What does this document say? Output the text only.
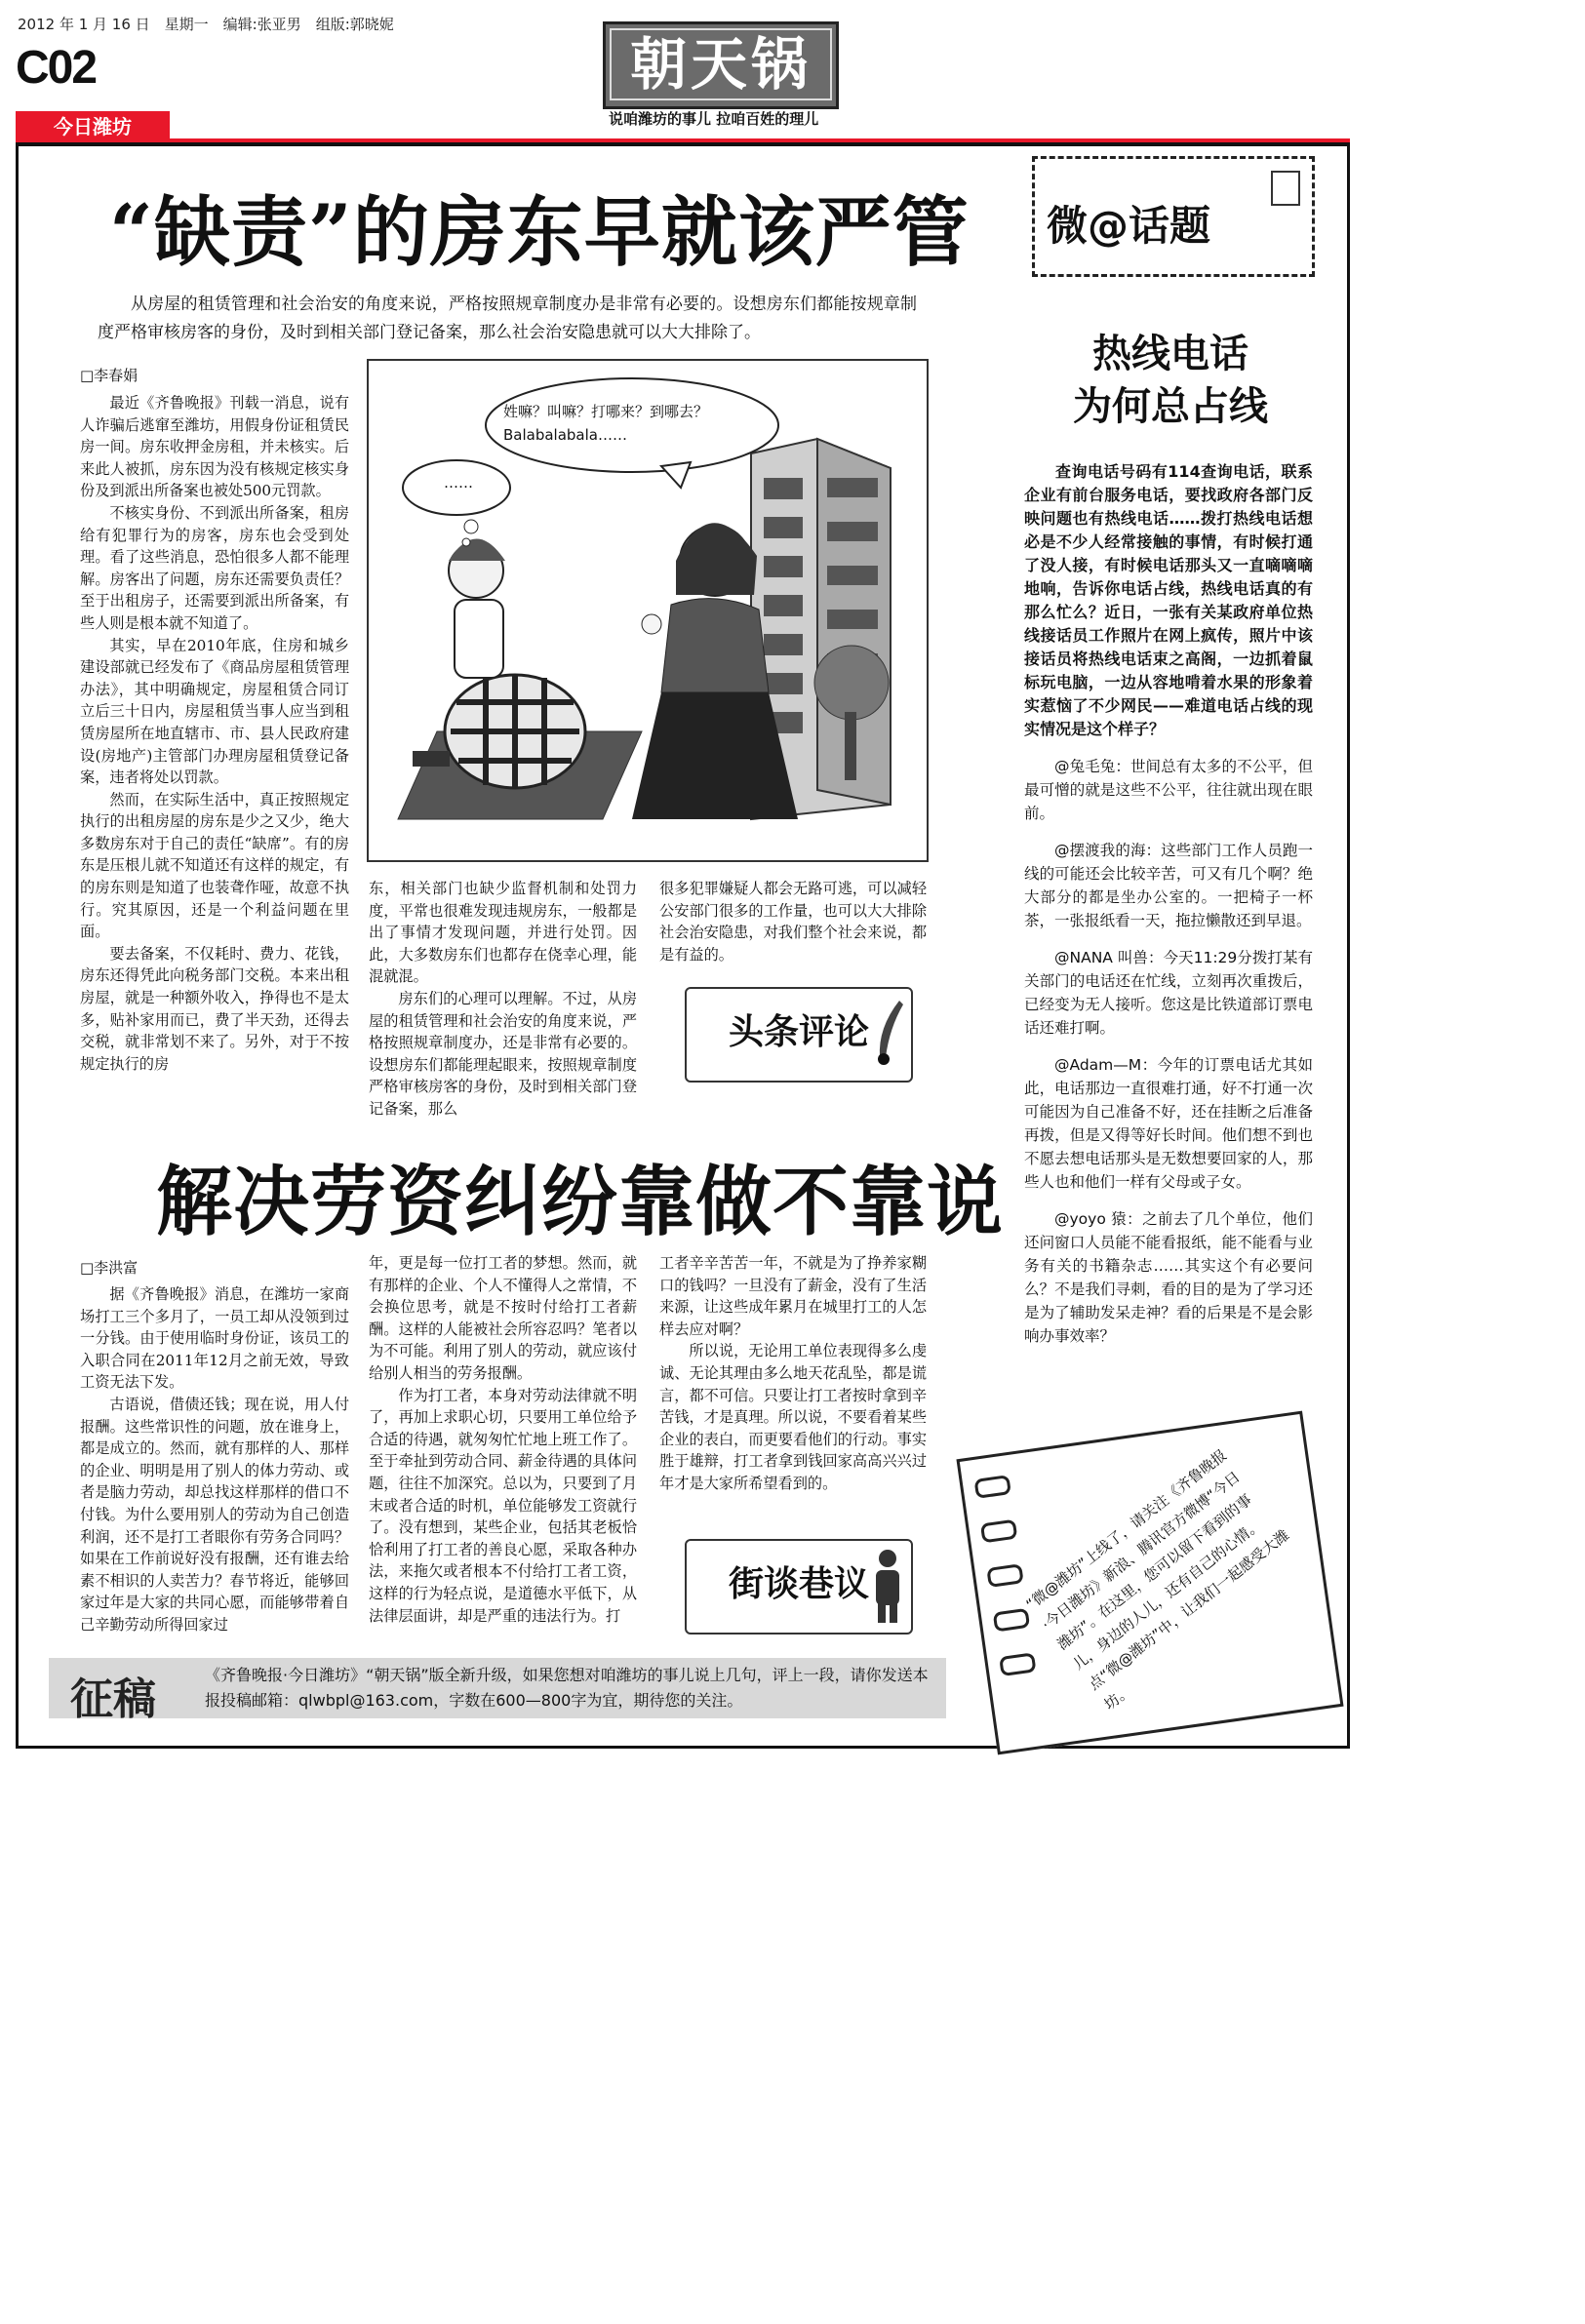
2012 年 1 月 16 日　星期一　编辑:张亚男　组版:郭晓妮
C02
今日潍坊
朝天锅
说咱潍坊的事儿 拉咱百姓的理儿
“缺责”的房东早就该严管
从房屋的租赁管理和社会治安的角度来说，严格按照规章制度办是非常有必要的。设想房东们都能按规章制度严格审核房客的身份，及时到相关部门登记备案，那么社会治安隐患就可以大大排除了。
□李春娟

最近《齐鲁晚报》刊载一消息，说有人诈骗后逃窜至潍坊，用假身份证租赁民房一间。房东收押金房租，并未核实。后来此人被抓，房东因为没有核规定核实身份及到派出所备案也被处500元罚款。

不核实身份、不到派出所备案，租房给有犯罪行为的房客，房东也会受到处理。看了这些消息，恐怕很多人都不能理解。房客出了问题，房东还需要负责任？至于出租房子，还需要到派出所备案，有些人则是根本就不知道了。

其实，早在2010年底，住房和城乡建设部就已经发布了《商品房屋租赁管理办法》，其中明确规定，房屋租赁合同订立后三十日内，房屋租赁当事人应当到租赁房屋所在地直辖市、市、县人民政府建设(房地产)主管部门办理房屋租赁登记备案，违者将处以罚款。

然而，在实际生活中，真正按照规定执行的出租房屋的房东是少之又少，绝大多数房东对于自己的责任“缺席”。有的房东是压根儿就不知道还有这样的规定，有的房东则是知道了也装聋作哑，故意不执行。究其原因，还是一个利益问题在里面。

要去备案，不仅耗时、费力、花钱，房东还得凭此向税务部门交税。本来出租房屋，就是一种额外收入，挣得也不是太多，贴补家用而已，费了半天劲，还得去交税，就非常划不来了。另外，对于不按规定执行的房

东，相关部门也缺少监督机制和处罚力度，平常也很难发现违规房东，一般都是出了事情才发现问题，并进行处罚。因此，大多数房东们也都存在侥幸心理，能混就混。

房东们的心理可以理解。不过，从房屋的租赁管理和社会治安的角度来说，严格按照规章制度办，还是非常有必要的。设想房东们都能理起眼来，按照规章制度严格审核房客的身份，及时到相关部门登记备案，那么

很多犯罪嫌疑人都会无路可逃，可以减轻公安部门很多的工作量，也可以大大排除社会治安隐患，对我们整个社会来说，都是有益的。

姓嘛？叫嘛？打哪来？到哪去？Balabalabala……
……
头条评论
解决劳资纠纷靠做不靠说
□李洪富

据《齐鲁晚报》消息，在潍坊一家商场打工三个多月了，一员工却从没领到过一分钱。由于使用临时身份证，该员工的入职合同在2011年12月之前无效，导致工资无法下发。

古语说，借债还钱；现在说，用人付报酬。这些常识性的问题，放在谁身上，都是成立的。然而，就有那样的人、那样的企业、明明是用了别人的体力劳动、或者是脑力劳动，却总找这样那样的借口不付钱。为什么要用别人的劳动为自己创造利润，还不是打工者眼你有劳务合同吗？如果在工作前说好没有报酬，还有谁去给素不相识的人卖苦力？春节将近，能够回家过年是大家的共同心愿，而能够带着自己辛勤劳动所得回家过

年，更是每一位打工者的梦想。然而，就有那样的企业、个人不懂得人之常情，不会换位思考，就是不按时付给打工者薪酬。这样的人能被社会所容忍吗？笔者以为不可能。利用了别人的劳动，就应该付给别人相当的劳务报酬。

作为打工者，本身对劳动法律就不明了，再加上求职心切，只要用工单位给予合适的待遇，就匆匆忙忙地上班工作了。至于牵扯到劳动合同、薪金待遇的具体问题，往往不加深究。总以为，只要到了月末或者合适的时机，单位能够发工资就行了。没有想到，某些企业，包括其老板恰恰利用了打工者的善良心愿，采取各种办法，来拖欠或者根本不付给打工者工资，这样的行为轻点说，是道德水平低下，从法律层面讲，却是严重的违法行为。打

工者辛辛苦苦一年，不就是为了挣养家糊口的钱吗？一旦没有了薪金，没有了生活来源，让这些成年累月在城里打工的人怎样去应对啊？

所以说，无论用工单位表现得多么虔诚、无论其理由多么地天花乱坠，都是谎言，都不可信。只要让打工者按时拿到辛苦钱，才是真理。所以说，不要看着某些企业的表白，而更要看他们的行动。事实胜于雄辩，打工者拿到钱回家高高兴兴过年才是大家所希望看到的。

街谈巷议
微@话题
热线电话
为何总占线

查询电话号码有114查询电话，联系企业有前台服务电话，要找政府各部门反映问题也有热线电话……拨打热线电话想必是不少人经常接触的事情，有时候打通了没人接，有时候电话那头又一直嘀嘀嘀地响，告诉你电话占线，热线电话真的有那么忙么？近日，一张有关某政府单位热线接话员工作照片在网上疯传，照片中该接话员将热线电话束之高阁，一边抓着鼠标玩电脑，一边从容地啃着水果的形象着实惹恼了不少网民——难道电话占线的现实情况是这个样子？

@兔毛兔：世间总有太多的不公平，但最可憎的就是这些不公平，往往就出现在眼前。

@摆渡我的海：这些部门工作人员跑一线的可能还会比较辛苦，可又有几个啊？绝大部分的都是坐办公室的。一把椅子一杯茶，一张报纸看一天，拖拉懒散还到早退。

@NANA 叫兽：今天11:29分拨打某有关部门的电话还在忙线，立刻再次重拨后，已经变为无人接听。您这是比铁道部订票电话还难打啊。

@Adam—M：今年的订票电话尤其如此，电话那边一直很难打通，好不打通一次可能因为自己准备不好，还在挂断之后准备再拨，但是又得等好长时间。他们想不到也不愿去想电话那头是无数想要回家的人，那些人也和他们一样有父母或子女。

@yoyo 猿：之前去了几个单位，他们还问窗口人员能不能看报纸，能不能看与业务有关的书籍杂志……其实这个有必要问么？不是我们寻刺，看的目的是为了学习还是为了辅助发呆走神？看的后果是不是会影响办事效率？

“微@潍坊”上线了，请关注《齐鲁晚报·今日潍坊》新浪、腾讯官方微博“今日潍坊”。在这里，您可以留下看到的事儿，身边的人儿，还有自己的心情。点“微@潍坊”中，让我们一起感受大潍坊。
征稿	《齐鲁晚报·今日潍坊》“朝天锅”版全新升级，如果您想对咱潍坊的事儿说上几句，评上一段，请你发送本
报投稿邮箱：qlwbpl@163.com，字数在600—800字为宜，期待您的关注。
